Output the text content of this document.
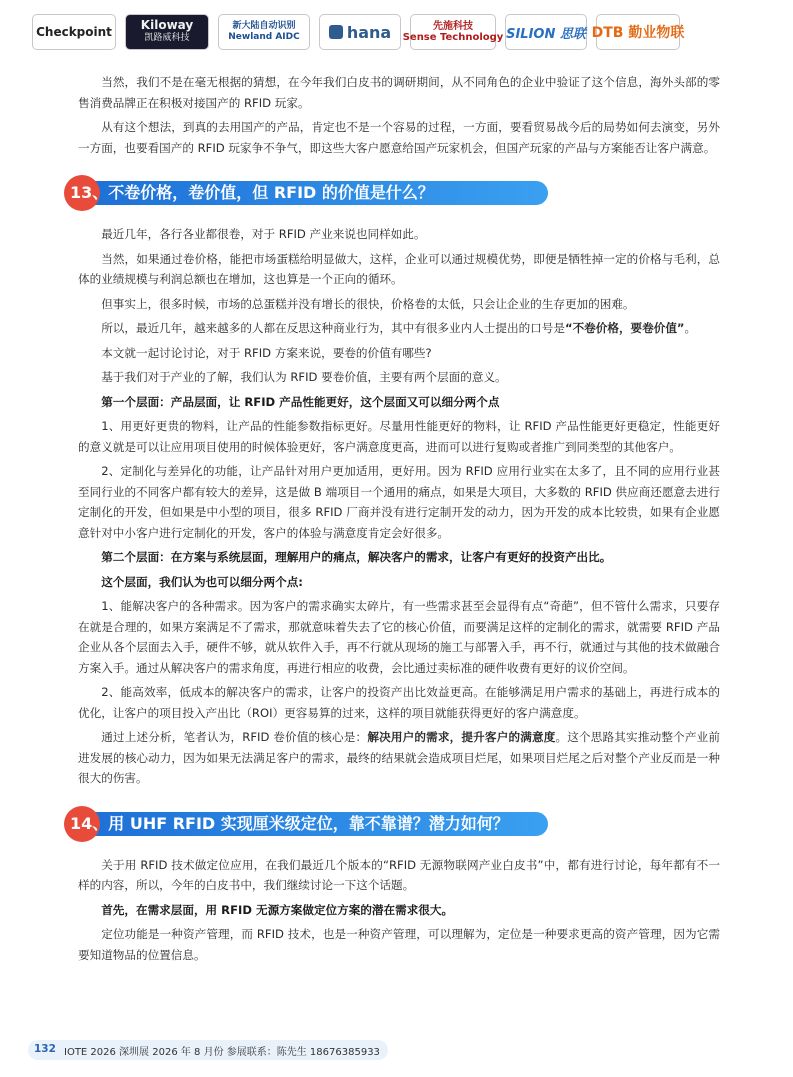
Checkpoint Kiloway
凯路威科技
新大陆自动识别
Newland AIDC	hana	先施科技
Sense Technology SILION 思联 DTB 勤业物联

当然，我们不是在毫无根据的猜想，在今年我们白皮书的调研期间，从不同角色的企业中验证了这个信息，海外头部的零售消费品牌正在积极对接国产的 RFID 玩家。

从有这个想法，到真的去用国产的产品，肯定也不是一个容易的过程，一方面，要看贸易战今后的局势如何去演变，另外一方面，也要看国产的 RFID 玩家争不争气，即这些大客户愿意给国产玩家机会，但国产玩家的产品与方案能否让客户满意。

13、不卷价格，卷价值，但 RFID 的价值是什么？

最近几年，各行各业都很卷，对于 RFID 产业来说也同样如此。

当然，如果通过卷价格，能把市场蛋糕给明显做大，这样，企业可以通过规模优势，即便是牺牲掉一定的价格与毛利，总体的业绩规模与利润总额也在增加，这也算是一个正向的循环。

但事实上，很多时候，市场的总蛋糕并没有增长的很快，价格卷的太低，只会让企业的生存更加的困难。

所以，最近几年，越来越多的人都在反思这种商业行为，其中有很多业内人士提出的口号是“不卷价格，要卷价值”。

本文就一起讨论讨论，对于 RFID 方案来说，要卷的价值有哪些?

基于我们对于产业的了解，我们认为 RFID 要卷价值，主要有两个层面的意义。

第一个层面：产品层面，让 RFID 产品性能更好，这个层面又可以细分两个点

1、用更好更贵的物料，让产品的性能参数指标更好。尽量用性能更好的物料，让 RFID 产品性能更好更稳定，性能更好的意义就是可以让应用项目使用的时候体验更好，客户满意度更高，进而可以进行复购或者推广到同类型的其他客户。

2、定制化与差异化的功能，让产品针对用户更加适用，更好用。因为 RFID 应用行业实在太多了，且不同的应用行业甚至同行业的不同客户都有较大的差异，这是做 B 端项目一个通用的痛点，如果是大项目，大多数的 RFID 供应商还愿意去进行定制化的开发，但如果是中小型的项目，很多 RFID 厂商并没有进行定制开发的动力，因为开发的成本比较贵，如果有企业愿意针对中小客户进行定制化的开发，客户的体验与满意度肯定会好很多。

第二个层面：在方案与系统层面，理解用户的痛点，解决客户的需求，让客户有更好的投资产出比。

这个层面，我们认为也可以细分两个点:

1、能解决客户的各种需求。因为客户的需求确实太碎片，有一些需求甚至会显得有点“奇葩”，但不管什么需求，只要存在就是合理的，如果方案满足不了需求，那就意味着失去了它的核心价值，而要满足这样的定制化的需求，就需要 RFID 产品企业从各个层面去入手，硬件不够，就从软件入手，再不行就从现场的施工与部署入手，再不行，就通过与其他的技术做融合方案入手。通过从解决客户的需求角度，再进行相应的收费，会比通过卖标准的硬件收费有更好的议价空间。

2、能高效率，低成本的解决客户的需求，让客户的投资产出比效益更高。在能够满足用户需求的基础上，再进行成本的优化，让客户的项目投入产出比（ROI）更容易算的过来，这样的项目就能获得更好的客户满意度。

通过上述分析，笔者认为，RFID 卷价值的核心是：解决用户的需求，提升客户的满意度。这个思路其实推动整个产业前进发展的核心动力，因为如果无法满足客户的需求，最终的结果就会造成项目烂尾，如果项目烂尾之后对整个产业反而是一种很大的伤害。

14、用 UHF RFID 实现厘米级定位，靠不靠谱？潜力如何？

关于用 RFID 技术做定位应用，在我们最近几个版本的“RFID 无源物联网产业白皮书”中，都有进行讨论，每年都有不一样的内容，所以，今年的白皮书中，我们继续讨论一下这个话题。

首先，在需求层面，用 RFID 无源方案做定位方案的潜在需求很大。

定位功能是一种资产管理，而 RFID 技术，也是一种资产管理，可以理解为，定位是一种要求更高的资产管理，因为它需要知道物品的位置信息。

132 IOTE 2026 深圳展 2026 年 8 月份 参展联系：陈先生 18676385933
